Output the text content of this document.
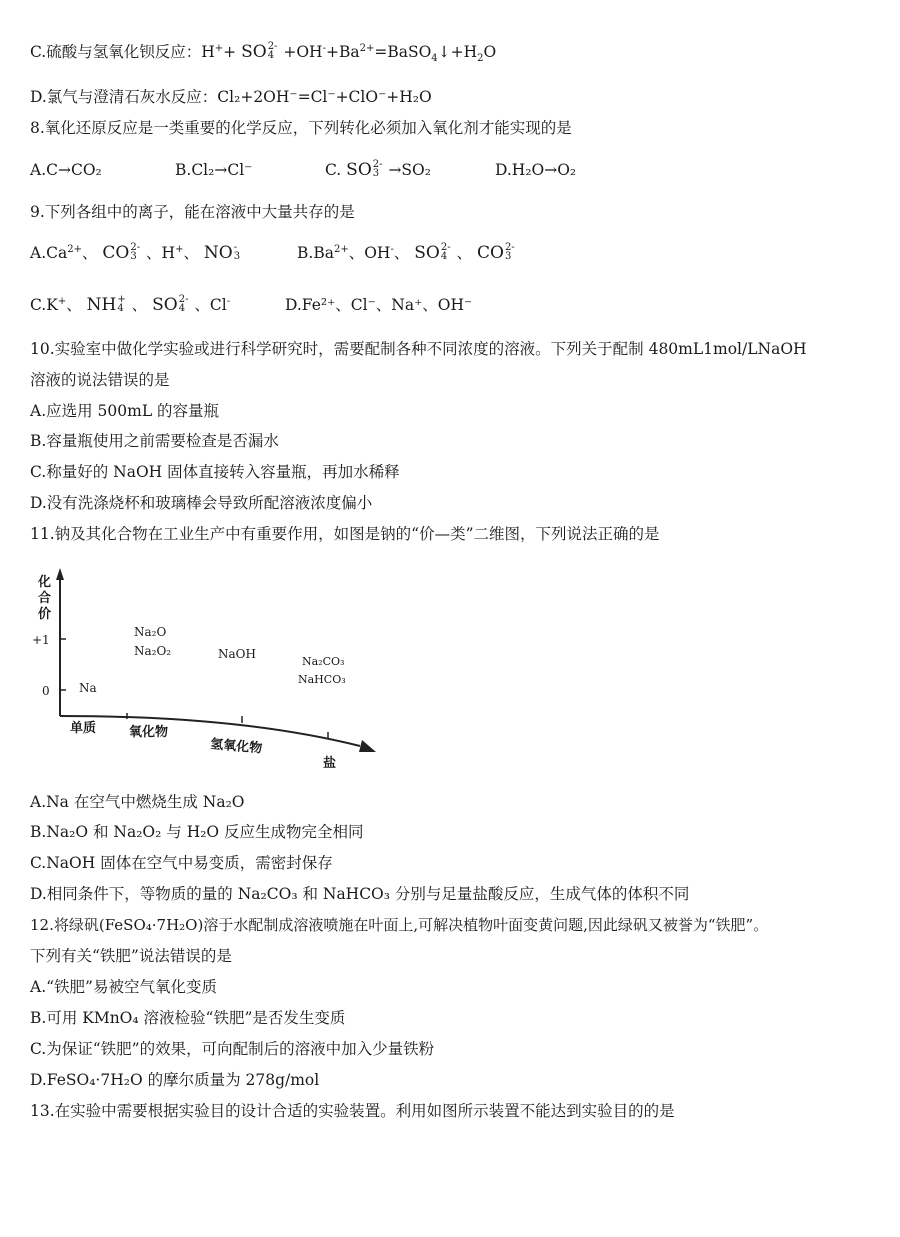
C.硫酸与氢氧化钡反应：H++ SO 2-
$4 +OH^-+Ba^{2+}=BaSO_4↓+H_2O$
D.氯气与澄清石灰水反应：Cl₂+2OH⁻=Cl⁻+ClO⁻+H₂O
8.氧化还原反应是一类重要的化学反应，下列转化必须加入氧化剂才能实现的是
A.C→CO₂	B.Cl₂→Cl⁻	C. SO 2-
3 →SO₂	D.H₂O→O₂
9.下列各组中的离子，能在溶液中大量共存的是
$A.Ca^{2+}$、 CO 2-
3 、H+、 NO -
3	$B.Ba^{2+}$、OH-、 SO 2-
4 、 CO 2-
3
C.K+、 NH +
4 、 SO 2-
4 、Cl-	D.Fe²⁺、Cl⁻、Na⁺、OH⁻
10.实验室中做化学实验或进行科学研究时，需要配制各种不同浓度的溶液。下列关于配制 480mL1mol/LNaOH
溶液的说法错误的是
A.应选用 500mL 的容量瓶
B.容量瓶使用之前需要检查是否漏水
C.称量好的 NaOH 固体直接转入容量瓶，再加水稀释
D.没有洗涤烧杯和玻璃棒会导致所配溶液浓度偏小
11.钠及其化合物在工业生产中有重要作用，如图是钠的“价—类”二维图，下列说法正确的是
化
合
价
+1
0
Na₂O
Na₂O₂	NaOH
Na₂CO₃
NaHCO₃
Na
单质	氧化物
氢氧化物
盐
A.Na 在空气中燃烧生成 Na₂O
B.Na₂O 和 Na₂O₂ 与 H₂O 反应生成物完全相同
C.NaOH 固体在空气中易变质，需密封保存
D.相同条件下，等物质的量的 Na₂CO₃ 和 NaHCO₃ 分别与足量盐酸反应，生成气体的体积不同
12.将绿矾(FeSO₄·7H₂O)溶于水配制成溶液喷施在叶面上,可解决植物叶面变黄问题,因此绿矾又被誉为“铁肥”。
下列有关“铁肥”说法错误的是
A.“铁肥”易被空气氧化变质
B.可用 KMnO₄ 溶液检验“铁肥”是否发生变质
C.为保证“铁肥”的效果，可向配制后的溶液中加入少量铁粉
D.FeSO₄·7H₂O 的摩尔质量为 278g/mol
13.在实验中需要根据实验目的设计合适的实验装置。利用如图所示装置不能达到实验目的的是
